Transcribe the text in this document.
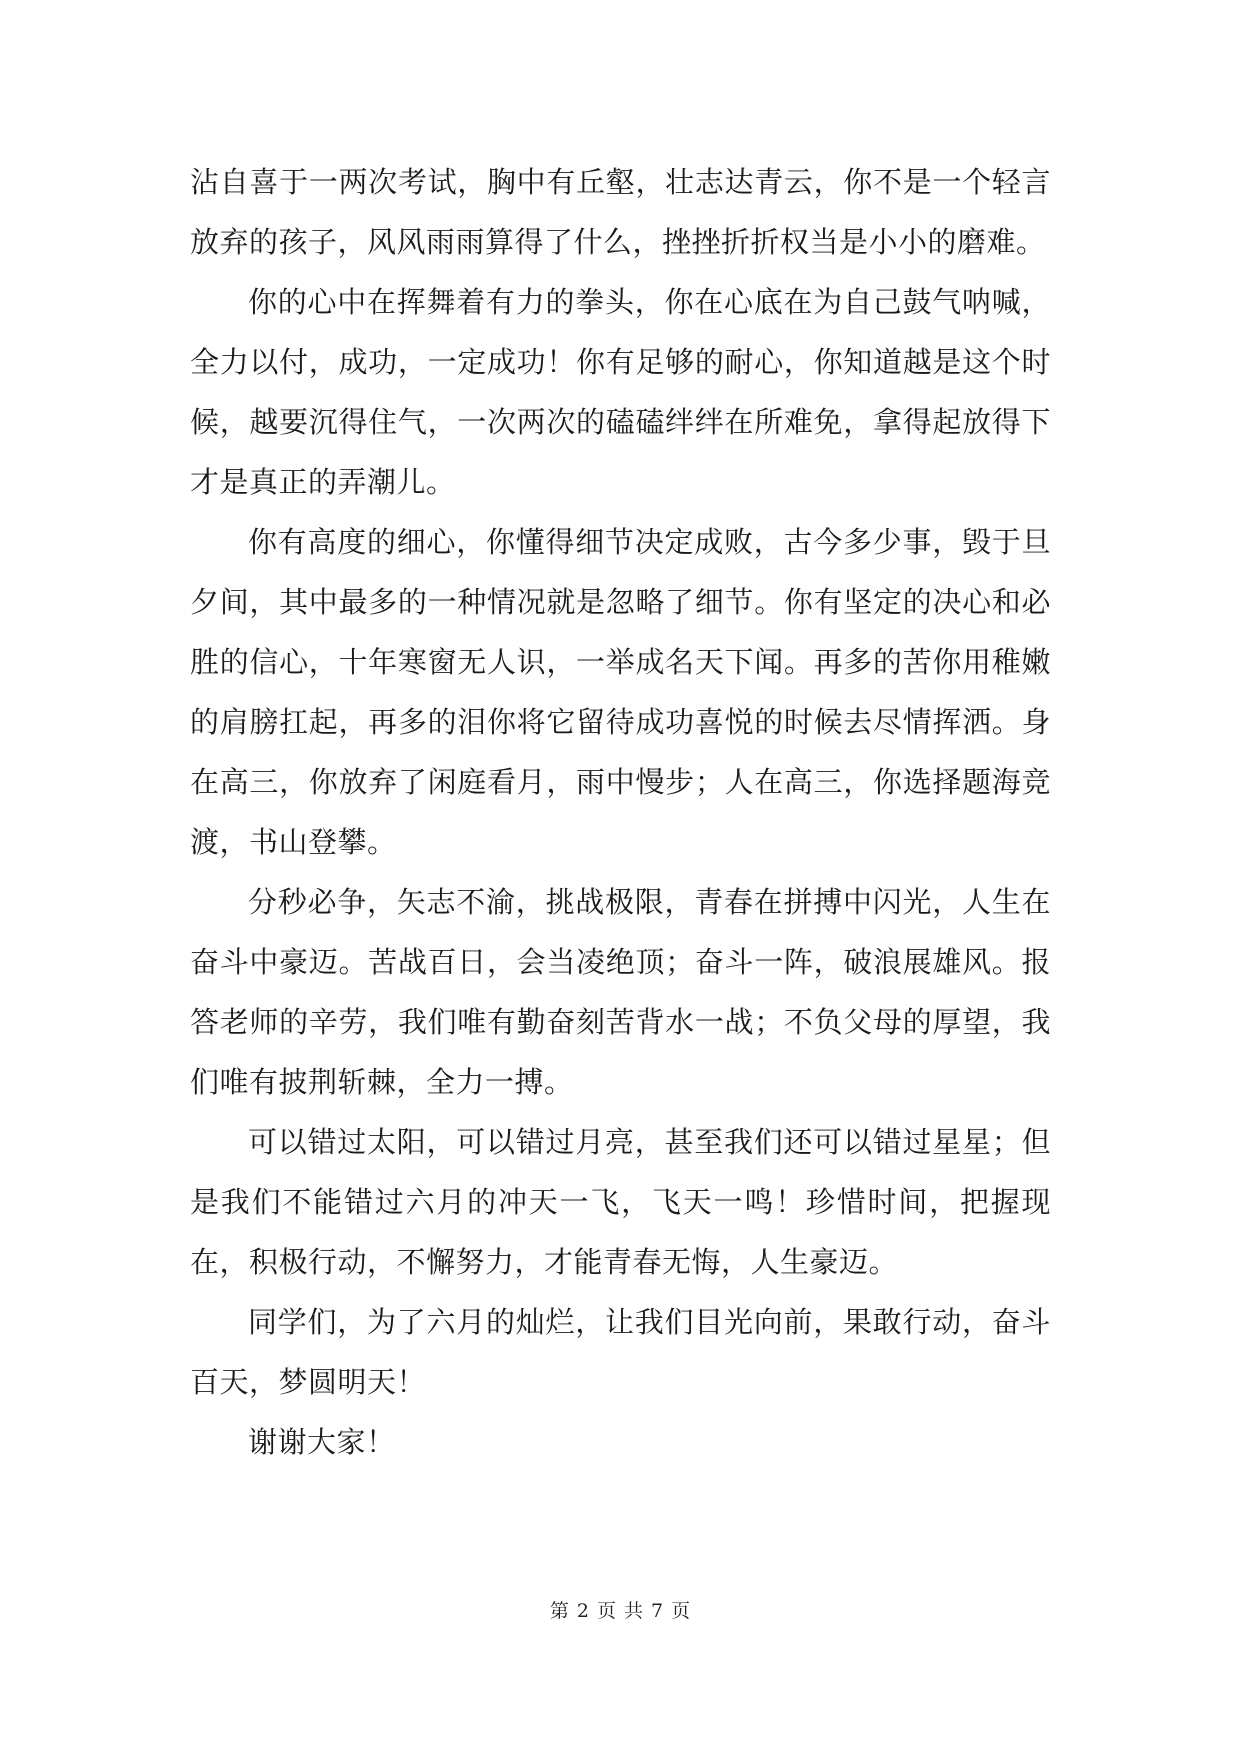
沾自喜于一两次考试，胸中有丘壑，壮志达青云，你不是一个轻言放弃的孩子，风风雨雨算得了什么，挫挫折折权当是小小的磨难。

你的心中在挥舞着有力的拳头，你在心底在为自己鼓气呐喊，全力以付，成功，一定成功！你有足够的耐心，你知道越是这个时候，越要沉得住气，一次两次的磕磕绊绊在所难免，拿得起放得下才是真正的弄潮儿。

你有高度的细心，你懂得细节决定成败，古今多少事，毁于旦夕间，其中最多的一种情况就是忽略了细节。你有坚定的决心和必胜的信心，十年寒窗无人识，一举成名天下闻。再多的苦你用稚嫩的肩膀扛起，再多的泪你将它留待成功喜悦的时候去尽情挥洒。身在高三，你放弃了闲庭看月，雨中慢步；人在高三，你选择题海竞渡，书山登攀。

分秒必争，矢志不渝，挑战极限，青春在拼搏中闪光，人生在奋斗中豪迈。苦战百日，会当凌绝顶；奋斗一阵，破浪展雄风。报答老师的辛劳，我们唯有勤奋刻苦背水一战；不负父母的厚望，我们唯有披荆斩棘，全力一搏。

可以错过太阳，可以错过月亮，甚至我们还可以错过星星；但是我们不能错过六月的冲天一飞，飞天一鸣！珍惜时间，把握现在，积极行动，不懈努力，才能青春无悔，人生豪迈。

同学们，为了六月的灿烂，让我们目光向前，果敢行动，奋斗百天，梦圆明天！

谢谢大家！

第 2 页 共 7 页
